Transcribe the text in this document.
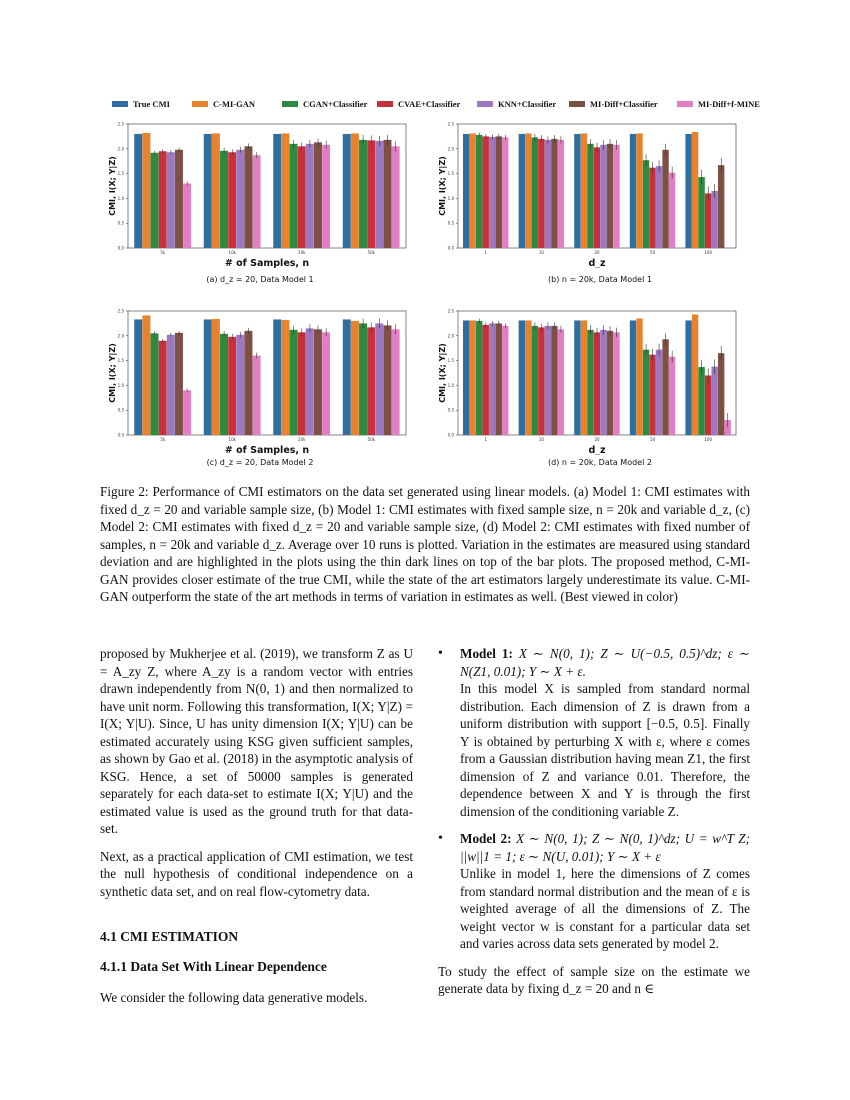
True CMI	C-MI-GAN	CGAN+Classifier	CVAE+Classifier	KNN+Classifier	MI-Diff+Classifier	MI-Diff+f-MINE
0.0
0.5
1.0
1.5
2.0
2.5
CMI, I(X; Y|Z)
5k	10k	20k	50k
# of Samples, n
0.0
0.5
1.0
1.5
2.0
2.5
CMI, I(X; Y|Z)
1	10	20	50	100
d_z
0.0
0.5
1.0
1.5
2.0
2.5
CMI, I(X; Y|Z)
5k	10k	20k	50k
# of Samples, n
0.0
0.5
1.0
1.5
2.0
2.5
CMI, I(X; Y|Z)
1	10	20	50	100
d_z
(a) d_z = 20, Data Model 1	(b) n = 20k, Data Model 1
(c) d_z = 20, Data Model 2	(d) n = 20k, Data Model 2
Figure 2: Performance of CMI estimators on the data set generated using linear models. (a) Model 1: CMI estimates with fixed d_z = 20 and variable sample size, (b) Model 1: CMI estimates with fixed sample size, n = 20k and variable d_z, (c) Model 2: CMI estimates with fixed d_z = 20 and variable sample size, (d) Model 2: CMI estimates with fixed number of samples, n = 20k and variable d_z. Average over 10 runs is plotted. Variation in the estimates are measured using standard deviation and are highlighted in the plots using the thin dark lines on top of the bar plots. The proposed method, C-MI-GAN provides closer estimate of the true CMI, while the state of the art estimators largely underestimate its value. C-MI-GAN outperform the state of the art methods in terms of variation in estimates as well. (Best viewed in color)

proposed by Mukherjee et al. (2019), we transform Z as U = A_zy Z, where A_zy is a random vector with entries drawn independently from N(0, 1) and then normalized to have unit norm. Following this transformation, I(X; Y|Z) = I(X; Y|U). Since, U has unity dimension I(X; Y|U) can be estimated accurately using KSG given sufficient samples, as shown by Gao et al. (2018) in the asymptotic analysis of KSG. Hence, a set of 50000 samples is generated separately for each data-set to estimate I(X; Y|U) and the estimated value is used as the ground truth for that data-set.

Next, as a practical application of CMI estimation, we test the null hypothesis of conditional independence on a synthetic data set, and on real flow-cytometry data.

4.1 CMI ESTIMATION

4.1.1 Data Set With Linear Dependence

We consider the following data generative models.

•	Model 1: X ∼ N(0, 1); Z ∼ U(−0.5, 0.5)^dz; ε ∼ N(Z1, 0.01); Y ∼ X + ε.
In this model X is sampled from standard normal distribution. Each dimension of Z is drawn from a uniform distribution with support [−0.5, 0.5]. Finally Y is obtained by perturbing X with ε, where ε comes from a Gaussian distribution having mean Z1, the first dimension of Z and variance 0.01. Therefore, the dependence between X and Y is through the first dimension of the conditioning variable Z.
•	Model 2: X ∼ N(0, 1); Z ∼ N(0, 1)^dz; U = w^T Z; ||w||1 = 1; ε ∼ N(U, 0.01); Y ∼ X + ε
Unlike in model 1, here the dimensions of Z comes from standard normal distribution and the mean of ε is weighted average of all the dimensions of Z. The weight vector w is constant for a particular data set and varies across data sets generated by model 2.

To study the effect of sample size on the estimate we generate data by fixing d_z = 20 and n ∈
